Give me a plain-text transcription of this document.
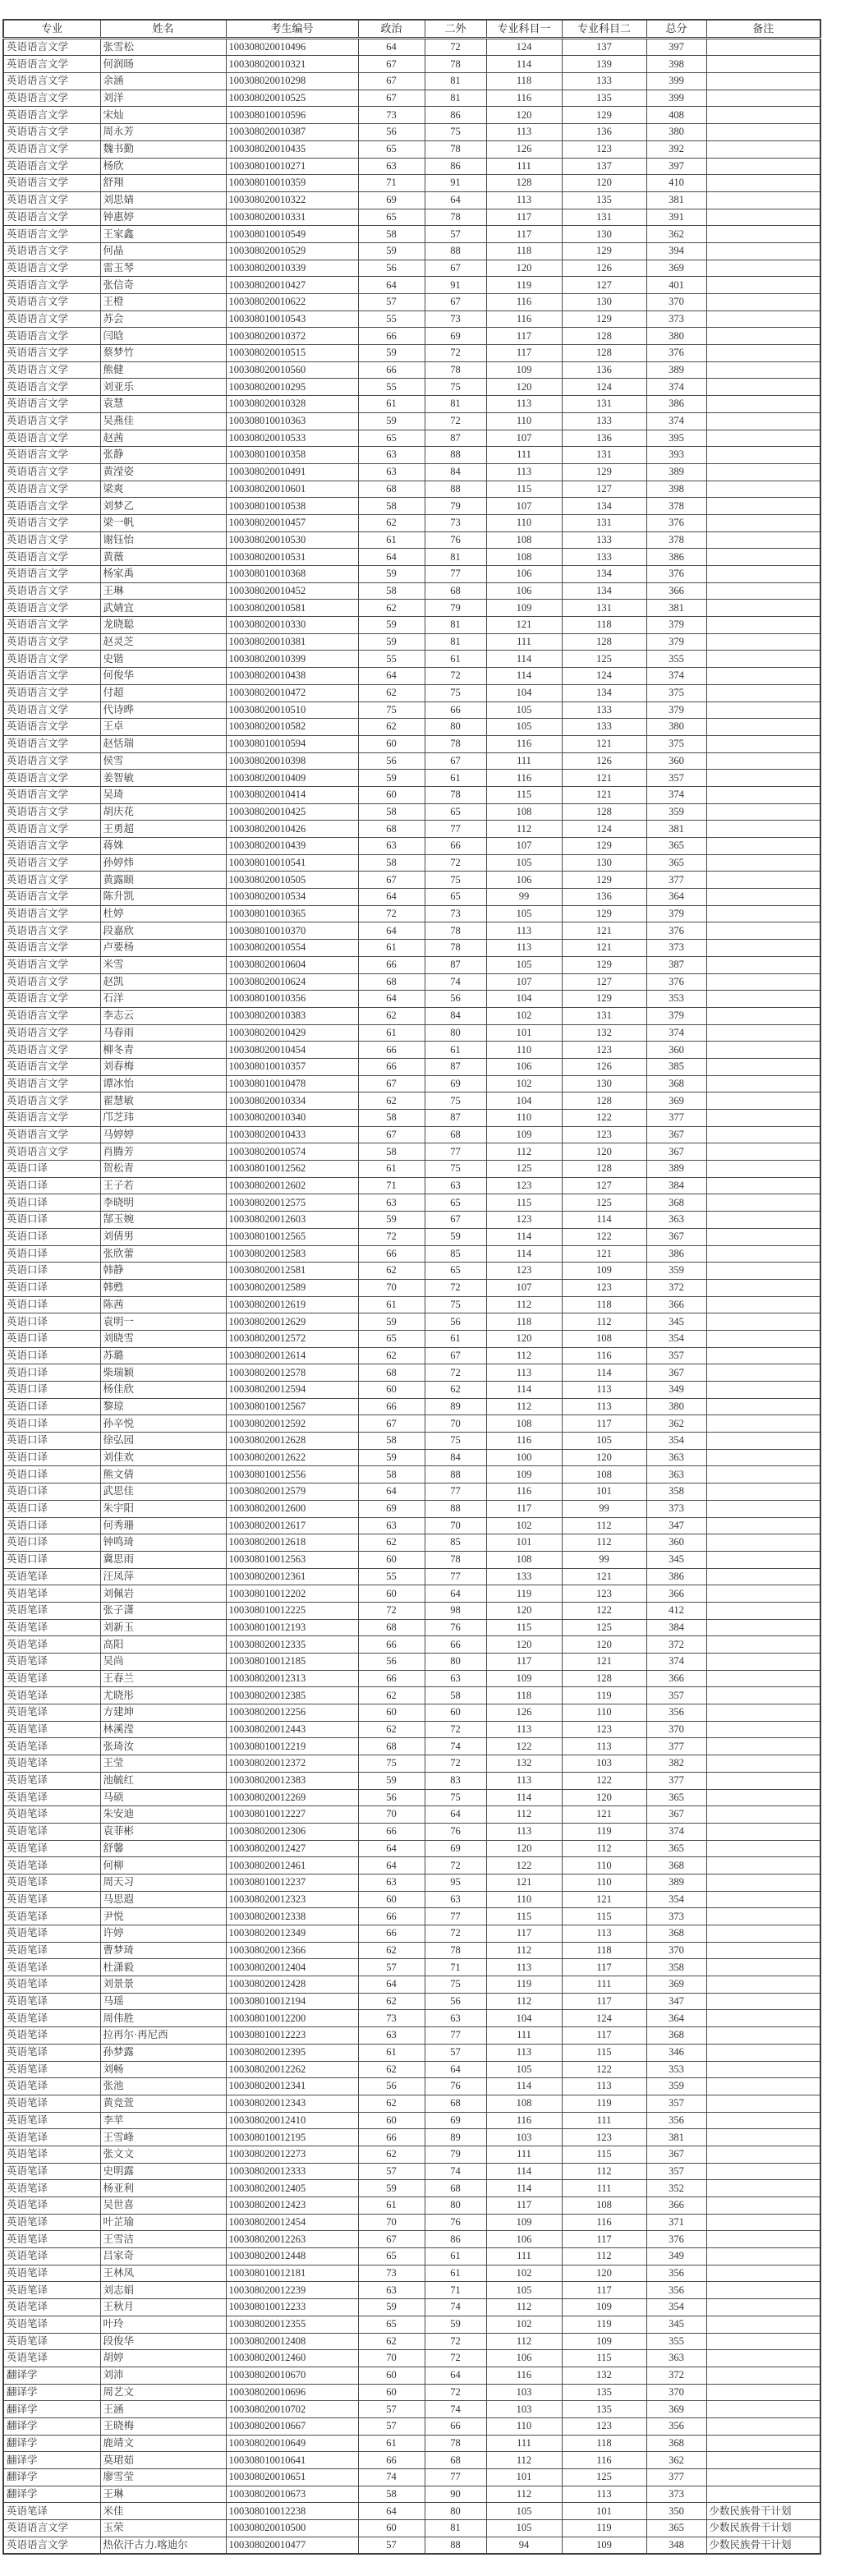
专业	姓名	考生编号	政治	二外	专业科目一	专业科目二	总分	备注
英语语言文学	张雪松	100308020010496	64	72	124	137	397	
英语语言文学	何润旸	100308020010321	67	78	114	139	398	
英语语言文学	余涵	100308020010298	67	81	118	133	399	
英语语言文学	刘洋	100308020010525	67	81	116	135	399	
英语语言文学	宋灿	100308010010596	73	86	120	129	408	
英语语言文学	周永芳	100308020010387	56	75	113	136	380	
英语语言文学	魏书勤	100308020010435	65	78	126	123	392	
英语语言文学	杨欣	100308010010271	63	86	111	137	397	
英语语言文学	舒翔	100308010010359	71	91	128	120	410	
英语语言文学	刘思婧	100308020010322	69	64	113	135	381	
英语语言文学	钟惠婷	100308020010331	65	78	117	131	391	
英语语言文学	王家鑫	100308010010549	58	57	117	130	362	
英语语言文学	何晶	100308020010529	59	88	118	129	394	
英语语言文学	雷玉琴	100308020010339	56	67	120	126	369	
英语语言文学	张信奇	100308020010427	64	91	119	127	401	
英语语言文学	王橙	100308020010622	57	67	116	130	370	
英语语言文学	苏会	100308010010543	55	73	116	129	373	
英语语言文学	闫晗	100308020010372	66	69	117	128	380	
英语语言文学	蔡梦竹	100308020010515	59	72	117	128	376	
英语语言文学	熊健	100308020010560	66	78	109	136	389	
英语语言文学	刘亚乐	100308020010295	55	75	120	124	374	
英语语言文学	袁慧	100308020010328	61	81	113	131	386	
英语语言文学	吴燕佳	100308010010363	59	72	110	133	374	
英语语言文学	赵茜	100308020010533	65	87	107	136	395	
英语语言文学	张静	100308010010358	63	88	111	131	393	
英语语言文学	黄滢姿	100308020010491	63	84	113	129	389	
英语语言文学	梁爽	100308020010601	68	88	115	127	398	
英语语言文学	刘梦乙	100308010010538	58	79	107	134	378	
英语语言文学	梁一帆	100308020010457	62	73	110	131	376	
英语语言文学	谢钰怡	100308020010530	61	76	108	133	378	
英语语言文学	黄薇	100308020010531	64	81	108	133	386	
英语语言文学	杨家禹	100308010010368	59	77	106	134	376	
英语语言文学	王琳	100308020010452	58	68	106	134	366	
英语语言文学	武婧宜	100308020010581	62	79	109	131	381	
英语语言文学	龙晓聪	100308020010330	59	81	121	118	379	
英语语言文学	赵灵芝	100308020010381	59	81	111	128	379	
英语语言文学	史锴	100308020010399	55	61	114	125	355	
英语语言文学	何俊华	100308020010438	64	72	114	124	374	
英语语言文学	付超	100308020010472	62	75	104	134	375	
英语语言文学	代诗晔	100308020010510	75	66	105	133	379	
英语语言文学	王卓	100308020010582	62	80	105	133	380	
英语语言文学	赵恬瑞	100308010010594	60	78	116	121	375	
英语语言文学	侯雪	100308020010398	56	67	111	126	360	
英语语言文学	姜智敏	100308020010409	59	61	116	121	357	
英语语言文学	吴琦	100308020010414	60	78	115	121	374	
英语语言文学	胡庆花	100308020010425	58	65	108	128	359	
英语语言文学	王勇超	100308020010426	68	77	112	124	381	
英语语言文学	蒋姝	100308020010439	63	66	107	129	365	
英语语言文学	孙婷炜	100308010010541	58	72	105	130	365	
英语语言文学	黄露颐	100308020010505	67	75	106	129	377	
英语语言文学	陈升凯	100308020010534	64	65	99	136	364	
英语语言文学	杜婷	100308010010365	72	73	105	129	379	
英语语言文学	段嘉欣	100308010010370	64	78	113	121	376	
英语语言文学	卢要杨	100308020010554	61	78	113	121	373	
英语语言文学	米雪	100308020010604	66	87	105	129	387	
英语语言文学	赵凯	100308020010624	68	74	107	127	376	
英语语言文学	石洋	100308010010356	64	56	104	129	353	
英语语言文学	李志云	100308020010383	62	84	102	131	379	
英语语言文学	马春雨	100308020010429	61	80	101	132	374	
英语语言文学	柳冬青	100308020010454	66	61	110	123	360	
英语语言文学	刘春梅	100308010010357	66	87	106	126	385	
英语语言文学	谭冰怡	100308010010478	67	69	102	130	368	
英语语言文学	翟慧敏	100308020010334	62	75	104	128	369	
英语语言文学	邝芝玮	100308020010340	58	87	110	122	377	
英语语言文学	马婷婷	100308020010433	67	68	109	123	367	
英语语言文学	肖腾芳	100308020010574	58	77	112	120	367	
英语口译	贺松青	100308010012562	61	75	125	128	389	
英语口译	王子若	100308020012602	71	63	123	127	384	
英语口译	李晓明	100308020012575	63	65	115	125	368	
英语口译	郜玉婉	100308020012603	59	67	123	114	363	
英语口译	刘倩男	100308010012565	72	59	114	122	367	
英语口译	张欣蕾	100308020012583	66	85	114	121	386	
英语口译	韩静	100308020012581	62	65	123	109	359	
英语口译	韩甦	100308020012589	70	72	107	123	372	
英语口译	陈茜	100308020012619	61	75	112	118	366	
英语口译	袁明一	100308020012629	59	56	118	112	345	
英语口译	刘晓雪	100308020012572	65	61	120	108	354	
英语口译	苏璐	100308020012614	62	67	112	116	357	
英语口译	柴瑞颖	100308020012578	68	72	113	114	367	
英语口译	杨佳欣	100308020012594	60	62	114	113	349	
英语口译	黎琼	100308010012567	66	89	112	113	380	
英语口译	孙辛悦	100308020012592	67	70	108	117	362	
英语口译	徐弘园	100308020012628	58	75	116	105	354	
英语口译	刘佳欢	100308020012622	59	84	100	120	363	
英语口译	熊文倩	100308010012556	58	88	109	108	363	
英语口译	武思佳	100308020012579	64	77	116	101	358	
英语口译	朱宇阳	100308020012600	69	88	117	99	373	
英语口译	何秀珊	100308020012617	63	70	102	112	347	
英语口译	钟鸣琦	100308020012618	62	85	101	112	360	
英语口译	冀思雨	100308010012563	60	78	108	99	345	
英语笔译	汪凤萍	100308020012361	55	77	133	121	386	
英语笔译	刘佩岩	100308010012202	60	64	119	123	366	
英语笔译	张子潇	100308010012225	72	98	120	122	412	
英语笔译	刘新玉	100308010012193	68	76	115	125	384	
英语笔译	高阳	100308020012335	66	66	120	120	372	
英语笔译	吴尚	100308010012185	56	80	117	121	374	
英语笔译	王春兰	100308020012313	66	63	109	128	366	
英语笔译	尤晓彤	100308020012385	62	58	118	119	357	
英语笔译	方建坤	100308020012256	60	60	126	110	356	
英语笔译	林溪滢	100308020012443	62	72	113	123	370	
英语笔译	张琦汝	100308010012219	68	74	122	113	377	
英语笔译	王莹	100308020012372	75	72	132	103	382	
英语笔译	池毓红	100308020012383	59	83	113	122	377	
英语笔译	马硕	100308020012269	56	75	114	120	365	
英语笔译	朱安迪	100308010012227	70	64	112	121	367	
英语笔译	袁菲彬	100308020012306	66	76	113	119	374	
英语笔译	舒馨	100308020012427	64	69	120	112	365	
英语笔译	何柳	100308020012461	64	72	122	110	368	
英语笔译	周天习	100308010012237	63	95	121	110	389	
英语笔译	马思遐	100308020012323	60	63	110	121	354	
英语笔译	尹悦	100308020012338	66	77	115	115	373	
英语笔译	许婷	100308020012349	66	72	117	113	368	
英语笔译	曹梦琦	100308020012366	62	78	112	118	370	
英语笔译	杜潇毅	100308020012404	57	71	113	117	358	
英语笔译	刘景景	100308020012428	64	75	119	111	369	
英语笔译	马瑶	100308010012194	62	56	112	117	347	
英语笔译	周伟胜	100308010012200	73	63	104	124	364	
英语笔译	拉再尔·再尼西	100308010012223	63	77	111	117	368	
英语笔译	孙梦露	100308020012395	61	57	113	115	346	
英语笔译	刘畅	100308020012262	62	64	105	122	353	
英语笔译	张池	100308020012341	56	76	114	113	359	
英语笔译	黄竞萱	100308020012343	62	68	108	119	357	
英语笔译	李苹	100308020012410	60	69	116	111	356	
英语笔译	王雪峰	100308010012195	66	89	103	123	381	
英语笔译	张文文	100308020012273	62	79	111	115	367	
英语笔译	史明露	100308020012333	57	74	114	112	357	
英语笔译	杨亚利	100308020012405	59	68	114	111	352	
英语笔译	吴世喜	100308020012423	61	80	117	108	366	
英语笔译	叶芷瑜	100308020012454	70	76	109	116	371	
英语笔译	王雪洁	100308020012263	67	86	106	117	376	
英语笔译	吕家奇	100308020012448	65	61	111	112	349	
英语笔译	王林凤	100308010012181	73	61	102	120	356	
英语笔译	刘志娟	100308020012239	63	71	105	117	356	
英语笔译	王秋月	100308010012233	59	74	112	109	354	
英语笔译	叶玲	100308020012355	65	59	102	119	345	
英语笔译	段俊华	100308020012408	62	72	112	109	355	
英语笔译	胡婷	100308020012460	70	72	106	115	363	
翻译学	刘沛	100308020010670	60	64	116	132	372	
翻译学	周艺文	100308020010696	60	72	103	135	370	
翻译学	王涵	100308020010702	57	74	103	135	369	
翻译学	王晓梅	100308020010667	57	66	110	123	356	
翻译学	鹿靖文	100308020010649	61	78	111	118	368	
翻译学	莫珺茹	100308010010641	66	68	112	116	362	
翻译学	廖雪莹	100308020010651	74	77	101	125	377	
翻译学	王琳	100308020010673	58	90	112	113	373	
英语笔译	米佳	100308010012238	64	80	105	101	350	少数民族骨干计划
英语语言文学	玉荣	100308020010500	60	81	105	119	365	少数民族骨干计划
英语语言文学	热依汗古力.喀迪尔	100308020010477	57	88	94	109	348	少数民族骨干计划
